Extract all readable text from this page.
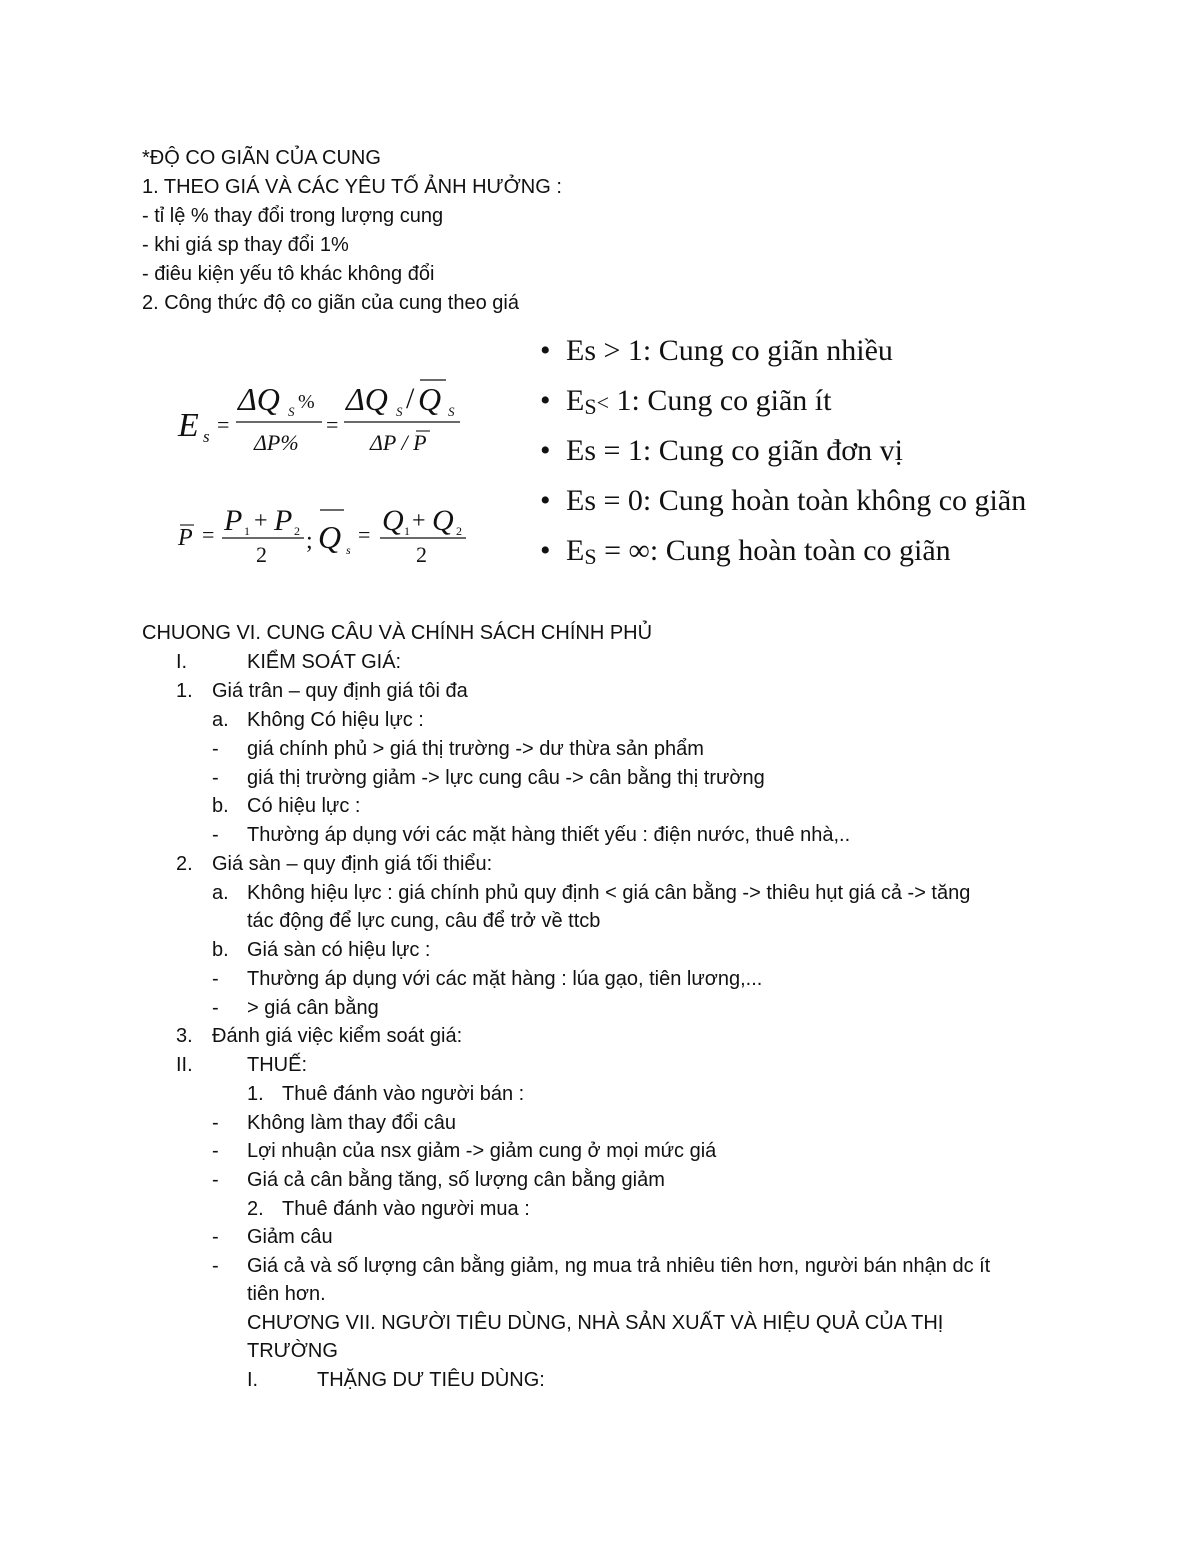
*ĐỘ CO GIÃN CỦA CUNG
1. THEO GIÁ VÀ CÁC YÊU TỐ ẢNH HƯỞNG :
- tỉ lệ % thay đổi trong lượng cung
- khi giá sp thay đổi 1%
- điêu kiện yếu tô khác không đổi
2. Công thức độ co giãn của cung theo giá
E s =
ΔQ S %
ΔP%
=
ΔQ S / Q S
ΔP / P
P = P 1 + P 2
2
; Q s
= Q 1 + Q 2
2
• Es > 1: Cung co giãn nhiều
• $E_S< 1$: Cung co giãn ít
• Es = 1: Cung co giãn đơn vị
• Es = 0: Cung hoàn toàn không co giãn
• $E_S$ = ∞: Cung hoàn toàn co giãn
CHUONG VI. CUNG CÂU VÀ CHÍNH SÁCH CHÍNH PHỦ
I.	KIỂM SOÁT GIÁ:
1. Giá trân – quy định giá tôi đa
a. Không Có hiệu lực :
- giá chính phủ > giá thị trường -> dư thừa sản phẩm
- giá thị trường giảm -> lực cung câu -> cân bằng thị trường
b. Có hiệu lực :
- Thường áp dụng với các mặt hàng thiết yếu : điện nước, thuê nhà,..
2. Giá sàn – quy định giá tối thiểu:
a. Không hiệu lực : giá chính phủ quy định < giá cân bằng -> thiêu hụt giá cả -> tăng
tác động để lực cung, câu để trở về ttcb
b. Giá sàn có hiệu lực :
- Thường áp dụng với các mặt hàng : lúa gạo, tiên lương,...
- > giá cân bằng
3. Đánh giá việc kiểm soát giá:
II.	THUẾ:
1. Thuê đánh vào người bán :
- Không làm thay đổi câu
- Lợi nhuận của nsx giảm -> giảm cung ở mọi mức giá
- Giá cả cân bằng tăng, số lượng cân bằng giảm
2. Thuê đánh vào người mua :
- Giảm câu
- Giá cả và số lượng cân bằng giảm, ng mua trả nhiêu tiên hơn, người bán nhận dc ít
tiên hơn.
CHƯƠNG VII. NGƯỜI TIÊU DÙNG, NHÀ SẢN XUẤT VÀ HIỆU QUẢ CỦA THỊ
TRƯỜNG
I.	THẶNG DƯ TIÊU DÙNG:
